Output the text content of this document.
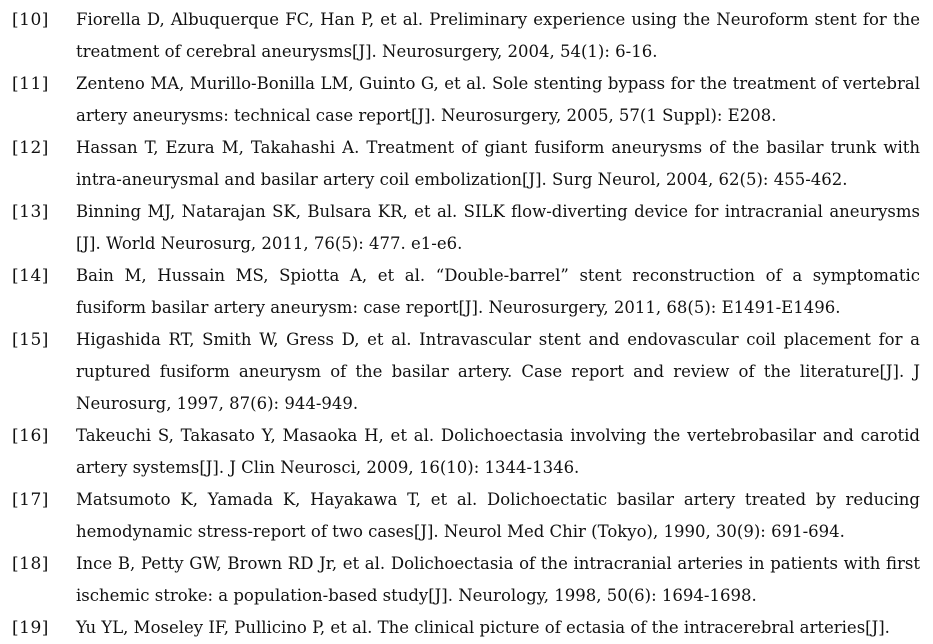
[10]	Fiorella D, Albuquerque FC, Han P, et al. Preliminary experience using the Neuroform stent for the treatment of cerebral aneurysms[J]. Neurosurgery, 2004, 54(1): 6-16.
[11]	Zenteno MA, Murillo-Bonilla LM, Guinto G, et al. Sole stenting bypass for the treatment of vertebral artery aneurysms: technical case report[J]. Neurosurgery, 2005, 57(1 Suppl): E208.
[12]	Hassan T, Ezura M, Takahashi A. Treatment of giant fusiform aneurysms of the basilar trunk with intra-aneurysmal and basilar artery coil embolization[J]. Surg Neurol, 2004, 62(5): 455-462.
[13]	Binning MJ, Natarajan SK, Bulsara KR, et al. SILK flow-diverting device for intracranial aneurysms [J]. World Neurosurg, 2011, 76(5): 477. e1-e6.
[14]	Bain M, Hussain MS, Spiotta A, et al. “Double-barrel” stent reconstruction of a symptomatic fusiform basilar artery aneurysm: case report[J]. Neurosurgery, 2011, 68(5): E1491-E1496.
[15]	Higashida RT, Smith W, Gress D, et al. Intravascular stent and endovascular coil placement for a ruptured fusiform aneurysm of the basilar artery. Case report and review of the literature[J]. J Neurosurg, 1997, 87(6): 944-949.
[16]	Takeuchi S, Takasato Y, Masaoka H, et al. Dolichoectasia involving the vertebrobasilar and carotid artery systems[J]. J Clin Neurosci, 2009, 16(10): 1344-1346.
[17]	Matsumoto K, Yamada K, Hayakawa T, et al. Dolichoectatic basilar artery treated by reducing hemodynamic stress-report of two cases[J]. Neurol Med Chir (Tokyo), 1990, 30(9): 691-694.
[18]	Ince B, Petty GW, Brown RD Jr, et al. Dolichoectasia of the intracranial arteries in patients with first ischemic stroke: a population-based study[J]. Neurology, 1998, 50(6): 1694-1698.
[19]	Yu YL, Moseley IF, Pullicino P, et al. The clinical picture of ectasia of the intracerebral arteries[J].
